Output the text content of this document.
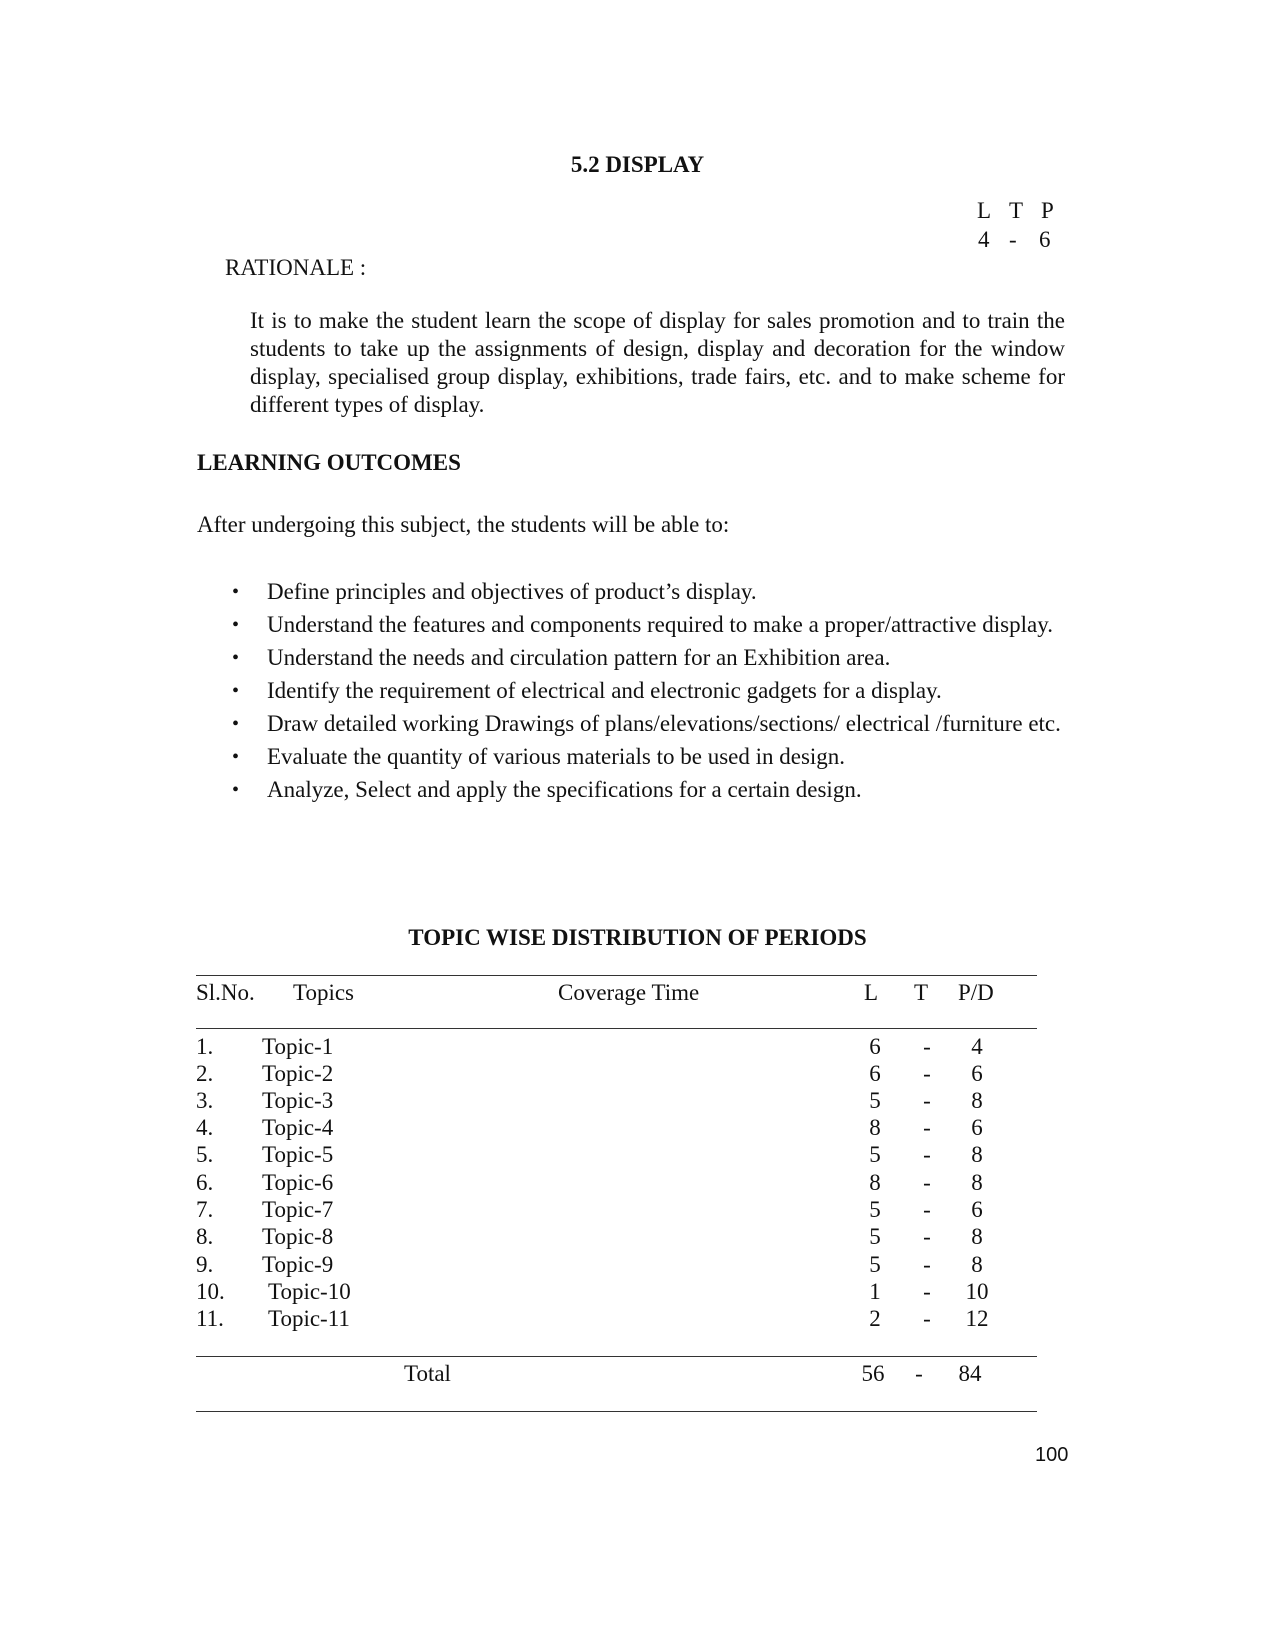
5.2 DISPLAY
L T P
4 - 6
RATIONALE :
It is to make the student learn the scope of display for sales promotion and to train the students to take up the assignments of design, display and decoration for the window display, specialised group display, exhibitions, trade fairs, etc. and to make scheme for different types of display.
LEARNING OUTCOMES
After undergoing this subject, the students will be able to:
• Define principles and objectives of product’s display.
• Understand the features and components required to make a proper/attractive display.
• Understand the needs and circulation pattern for an Exhibition area.
• Identify the requirement of electrical and electronic gadgets for a display.
• Draw detailed working Drawings of plans/elevations/sections/ electrical /furniture etc.
• Evaluate the quantity of various materials to be used in design.
• Analyze, Select and apply the specifications for a certain design.
TOPIC WISE DISTRIBUTION OF PERIODS
Sl.No. Topics	Coverage Time	L T P/D
1. Topic-1	6	-	4
2. Topic-2	6	-	6
3. Topic-3	5	-	8
4. Topic-4	8	-	6
5. Topic-5	5	-	8
6. Topic-6	8	-	8
7. Topic-7	5	-	6
8. Topic-8	5	-	8
9. Topic-9	5	-	8
10. Topic-10	1	-	10
11. Topic-11	2	-	12
Total	56	-	84
100
